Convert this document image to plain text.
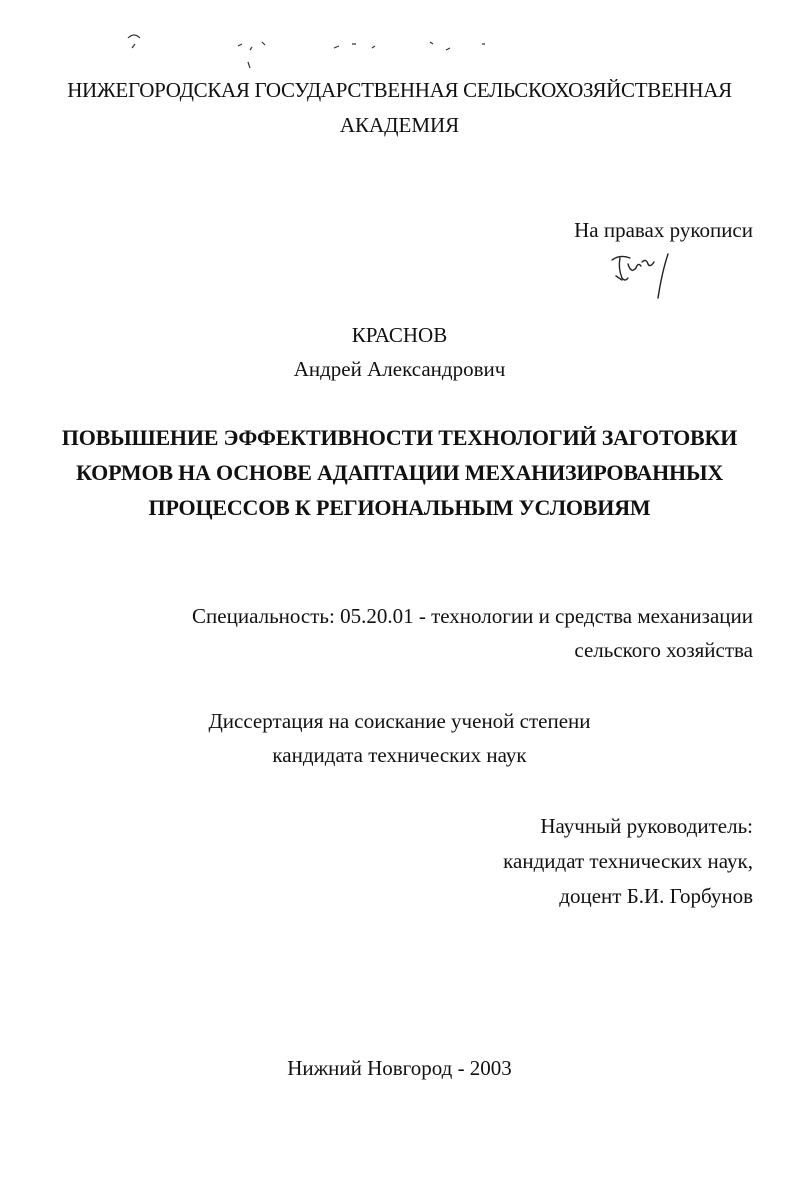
НИЖЕГОРОДСКАЯ ГОСУДАРСТВЕННАЯ СЕЛЬСКОХОЗЯЙСТВЕННАЯ
АКАДЕМИЯ
На правах рукописи
КРАСНОВ
Андрей Александрович
ПОВЫШЕНИЕ ЭФФЕКТИВНОСТИ ТЕХНОЛОГИЙ ЗАГОТОВКИ
КОРМОВ НА ОСНОВЕ АДАПТАЦИИ МЕХАНИЗИРОВАННЫХ
ПРОЦЕССОВ К РЕГИОНАЛЬНЫМ УСЛОВИЯМ
Специальность: 05.20.01 - технологии и средства механизации
сельского хозяйства
Диссертация на соискание ученой степени
кандидата технических наук
Научный руководитель:
кандидат технических наук,
доцент Б.И. Горбунов
Нижний Новгород - 2003
